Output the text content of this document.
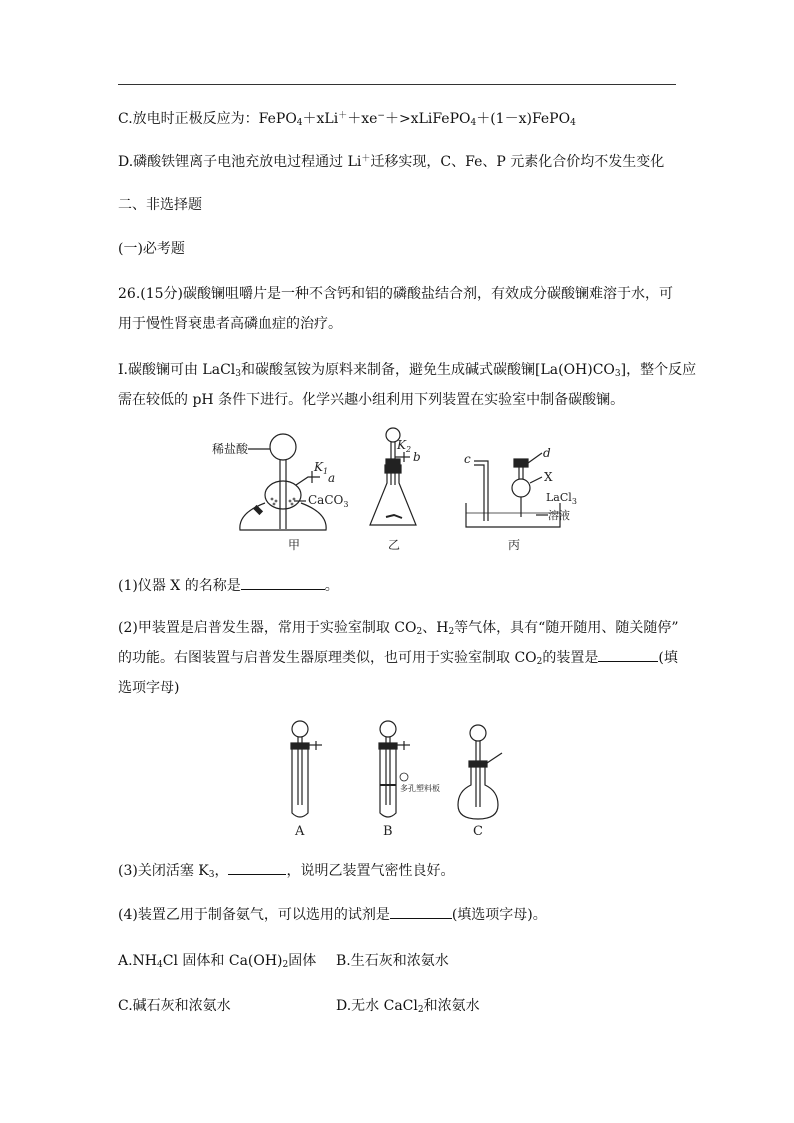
C.放电时正极反应为：FePO$_4$＋xLi＋＋xe−＋>xLiFePO$_4$＋(1－x)FePO$_4$
D.磷酸铁锂离子电池充放电过程通过 Li＋迁移实现，C、Fe、P 元素化合价均不发生变化
二、非选择题
(一)必考题
26.(15分)碳酸镧咀嚼片是一种不含钙和铝的磷酸盐结合剂，有效成分碳酸镧难溶于水，可
用于慢性肾衰患者高磷血症的治疗。
I.碳酸镧可由 LaCl$_3$和碳酸氢铵为原料来制备，避免生成碱式碳酸镧$[La(OH)CO_3]$，整个反应
需在较低的 pH 条件下进行。化学兴趣小组利用下列装置在实验室中制备碳酸镧。
稀盐酸
$K_1$ a
CaCO$_3$
甲
$K_2$
b
乙
c	d
X
LaCl$_3$
溶液
丙
(1)仪器 X 的名称是	。
(2)甲装置是启普发生器，常用于实验室制取 $CO_2$、$H_2$等气体，具有“随开随用、随关随停”
的功能。右图装置与启普发生器原理类似，也可用于实验室制取 $CO_2$的装置是	(填
选项字母)
A
多孔塑料板
B	C
(3)关闭活塞 $K_3$，	，说明乙装置气密性良好。
(4)装置乙用于制备氨气，可以选用的试剂是	(填选项字母)。
$A.NH_4Cl$ 固体和 $Ca(OH)_2$固体 B.生石灰和浓氨水
C.碱石灰和浓氨水	D.无水 CaCl$_2$和浓氨水
